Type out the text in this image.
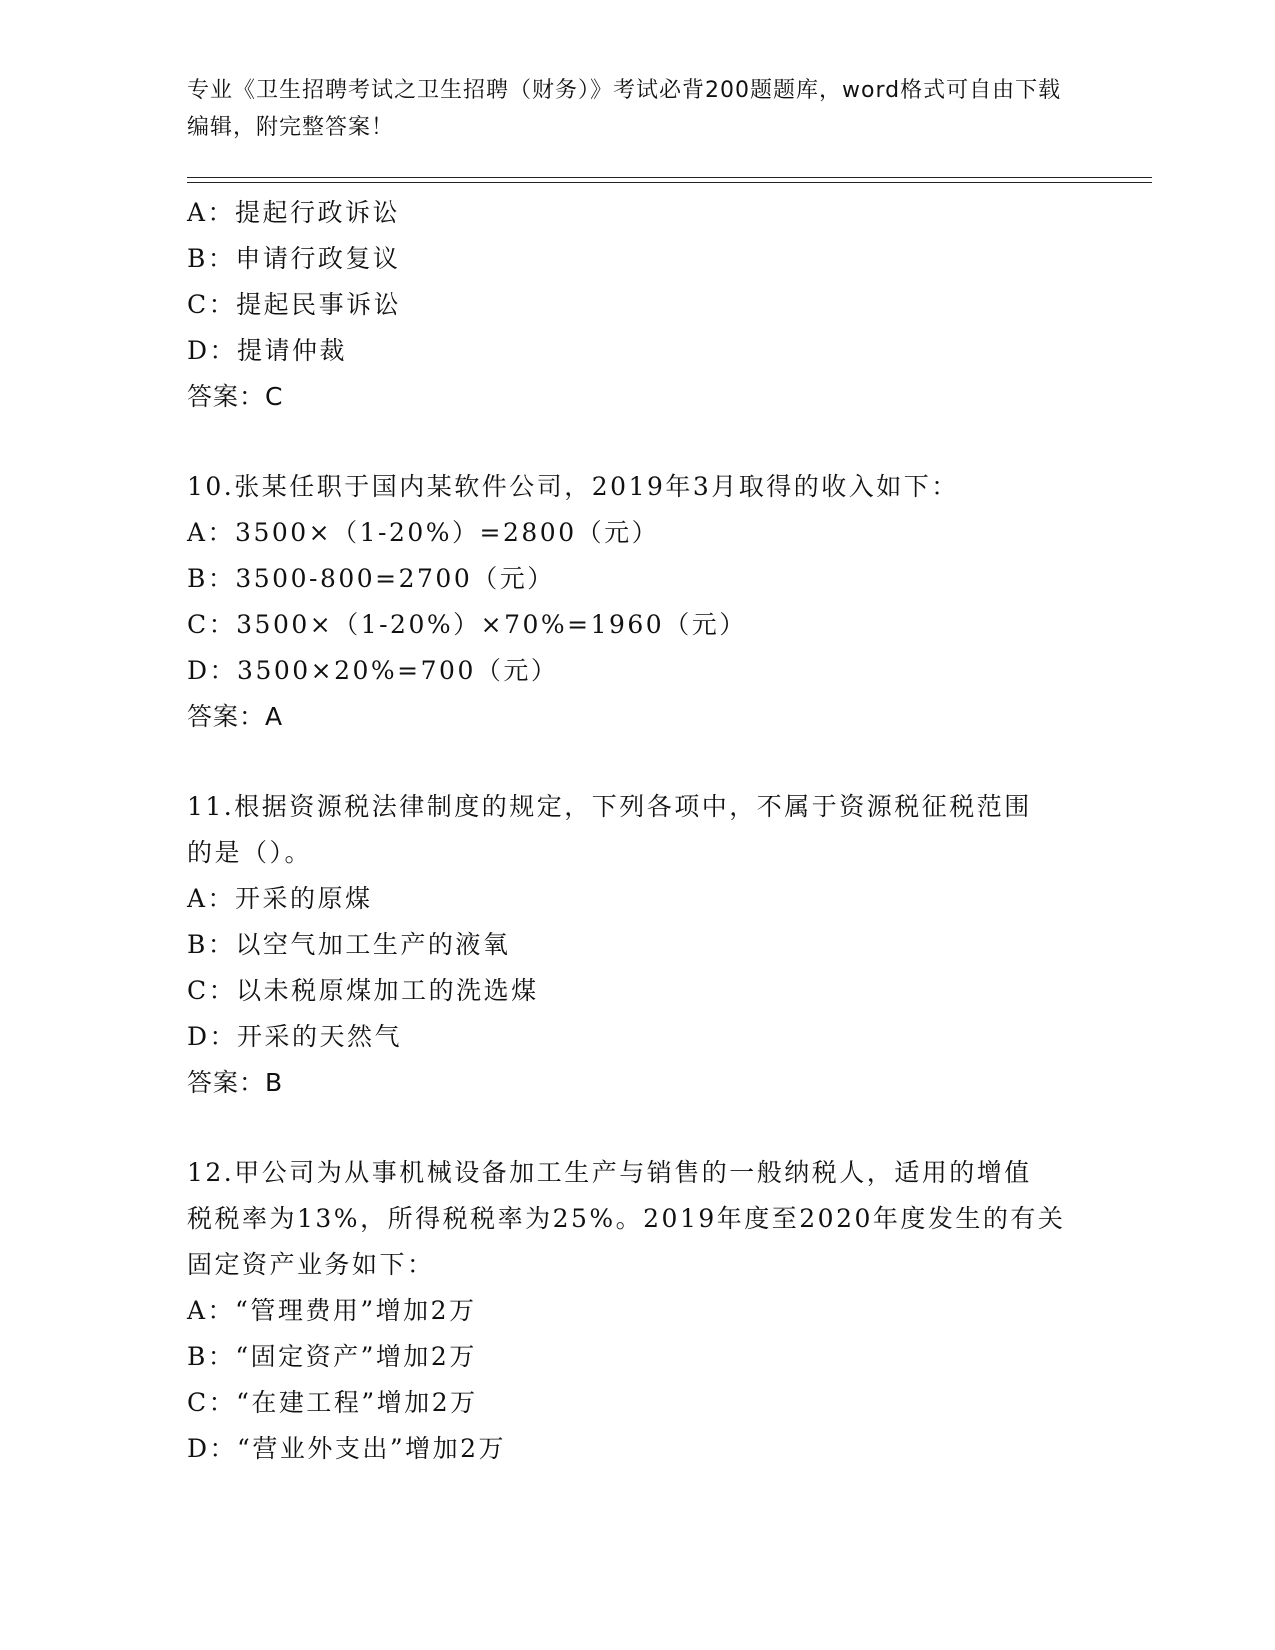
专业《卫生招聘考试之卫生招聘（财务）》考试必背200题题库，word格式可自由下载编辑，附完整答案！
A：提起行政诉讼
B：申请行政复议
C：提起民事诉讼
D：提请仲裁
答案：C
10.张某任职于国内某软件公司，2019年3月取得的收入如下：
A：3500×（1-20%）=2800（元）
B：3500-800=2700（元）
C：3500×（1-20%）×70%=1960（元）
D：3500×20%=700（元）
答案：A
11.根据资源税法律制度的规定，下列各项中，不属于资源税征税范围
的是（）。
A：开采的原煤
B：以空气加工生产的液氧
C：以未税原煤加工的洗选煤
D：开采的天然气
答案：B
12.甲公司为从事机械设备加工生产与销售的一般纳税人，适用的增值
税税率为13%，所得税税率为25%。2019年度至2020年度发生的有关
固定资产业务如下：
A：“管理费用”增加2万
B：“固定资产”增加2万
C：“在建工程”增加2万
D：“营业外支出”增加2万
